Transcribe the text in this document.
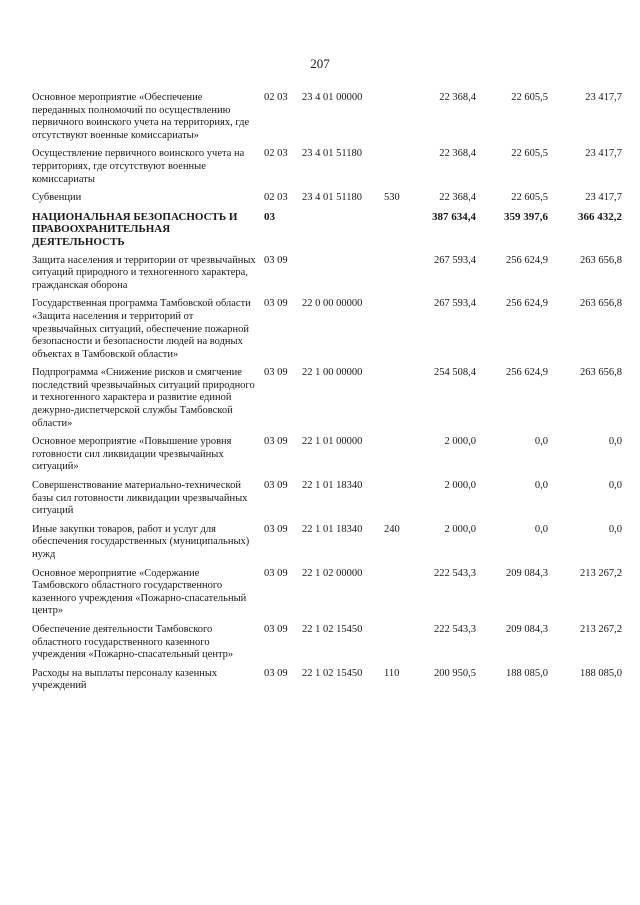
207
Основное мероприятие «Обеспечение переданных полномочий по осуществлению первичного воинского учета на территориях, где отсутствуют военные комиссариаты»	02 03	23 4 01 00000		22 368,4	22 605,5	23 417,7
Осуществление первичного воинского учета на территориях, где отсутствуют военные комиссариаты	02 03	23 4 01 51180		22 368,4	22 605,5	23 417,7
Субвенции	02 03	23 4 01 51180	530	22 368,4	22 605,5	23 417,7
НАЦИОНАЛЬНАЯ БЕЗОПАСНОСТЬ И ПРАВООХРАНИТЕЛЬНАЯ ДЕЯТЕЛЬНОСТЬ	03			387 634,4	359 397,6	366 432,2
Защита населения и территории от чрезвычайных ситуаций природного и техногенного характера, гражданская оборона	03 09			267 593,4	256 624,9	263 656,8
Государственная программа Тамбовской области «Защита населения и территорий от чрезвычайных ситуаций, обеспечение пожарной безопасности и безопасности людей на водных объектах в Тамбовской области»	03 09	22 0 00 00000		267 593,4	256 624,9	263 656,8
Подпрограмма «Снижение рисков и смягчение последствий чрезвычайных ситуаций природного и техногенного характера и развитие единой дежурно-диспетчерской службы Тамбовской области»	03 09	22 1 00 00000		254 508,4	256 624,9	263 656,8
Основное мероприятие «Повышение уровня готовности сил ликвидации чрезвычайных ситуаций»	03 09	22 1 01 00000		2 000,0	0,0	0,0
Совершенствование материально-технической базы сил готовности ликвидации чрезвычайных ситуаций	03 09	22 1 01 18340		2 000,0	0,0	0,0
Иные закупки товаров, работ и услуг для обеспечения государственных (муниципальных) нужд	03 09	22 1 01 18340	240	2 000,0	0,0	0,0
Основное мероприятие «Содержание Тамбовского областного государственного казенного учреждения «Пожарно-спасательный центр»	03 09	22 1 02 00000		222 543,3	209 084,3	213 267,2
Обеспечение деятельности Тамбовского областного государственного казенного учреждения «Пожарно-спасательный центр»	03 09	22 1 02 15450		222 543,3	209 084,3	213 267,2
Расходы на выплаты персоналу казенных учреждений	03 09	22 1 02 15450	110	200 950,5	188 085,0	188 085,0
